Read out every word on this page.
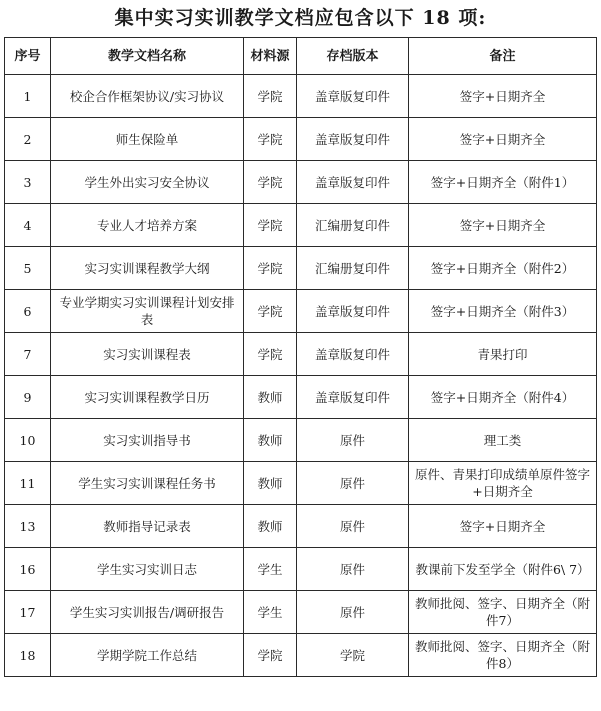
集中实习实训教学文档应包含以下 18 项:
序号	教学文档名称	材料源	存档版本	备注
1	校企合作框架协议/实习协议	学院	盖章版复印件	签字+日期齐全
2	师生保险单	学院	盖章版复印件	签字+日期齐全
3	学生外出实习安全协议	学院	盖章版复印件	签字+日期齐全（附件1）
4	专业人才培养方案	学院	汇编册复印件	签字+日期齐全
5	实习实训课程教学大纲	学院	汇编册复印件	签字+日期齐全（附件2）
6	专业学期实习实训课程计划安排表	学院	盖章版复印件	签字+日期齐全（附件3）
7	实习实训课程表	学院	盖章版复印件	青果打印
9	实习实训课程教学日历	教师	盖章版复印件	签字+日期齐全（附件4）
10	实习实训指导书	教师	原件	理工类
11	学生实习实训课程任务书	教师	原件	原件、青果打印成绩单原件签字+日期齐全
13	教师指导记录表	教师	原件	签字+日期齐全
16	学生实习实训日志	学生	原件	教课前下发至学全（附件6\ 7）
17	学生实习实训报告/调研报告	学生	原件	教师批阅、签字、日期齐全（附件7）
18	学期学院工作总结	学院	学院	教师批阅、签字、日期齐全（附件8）
